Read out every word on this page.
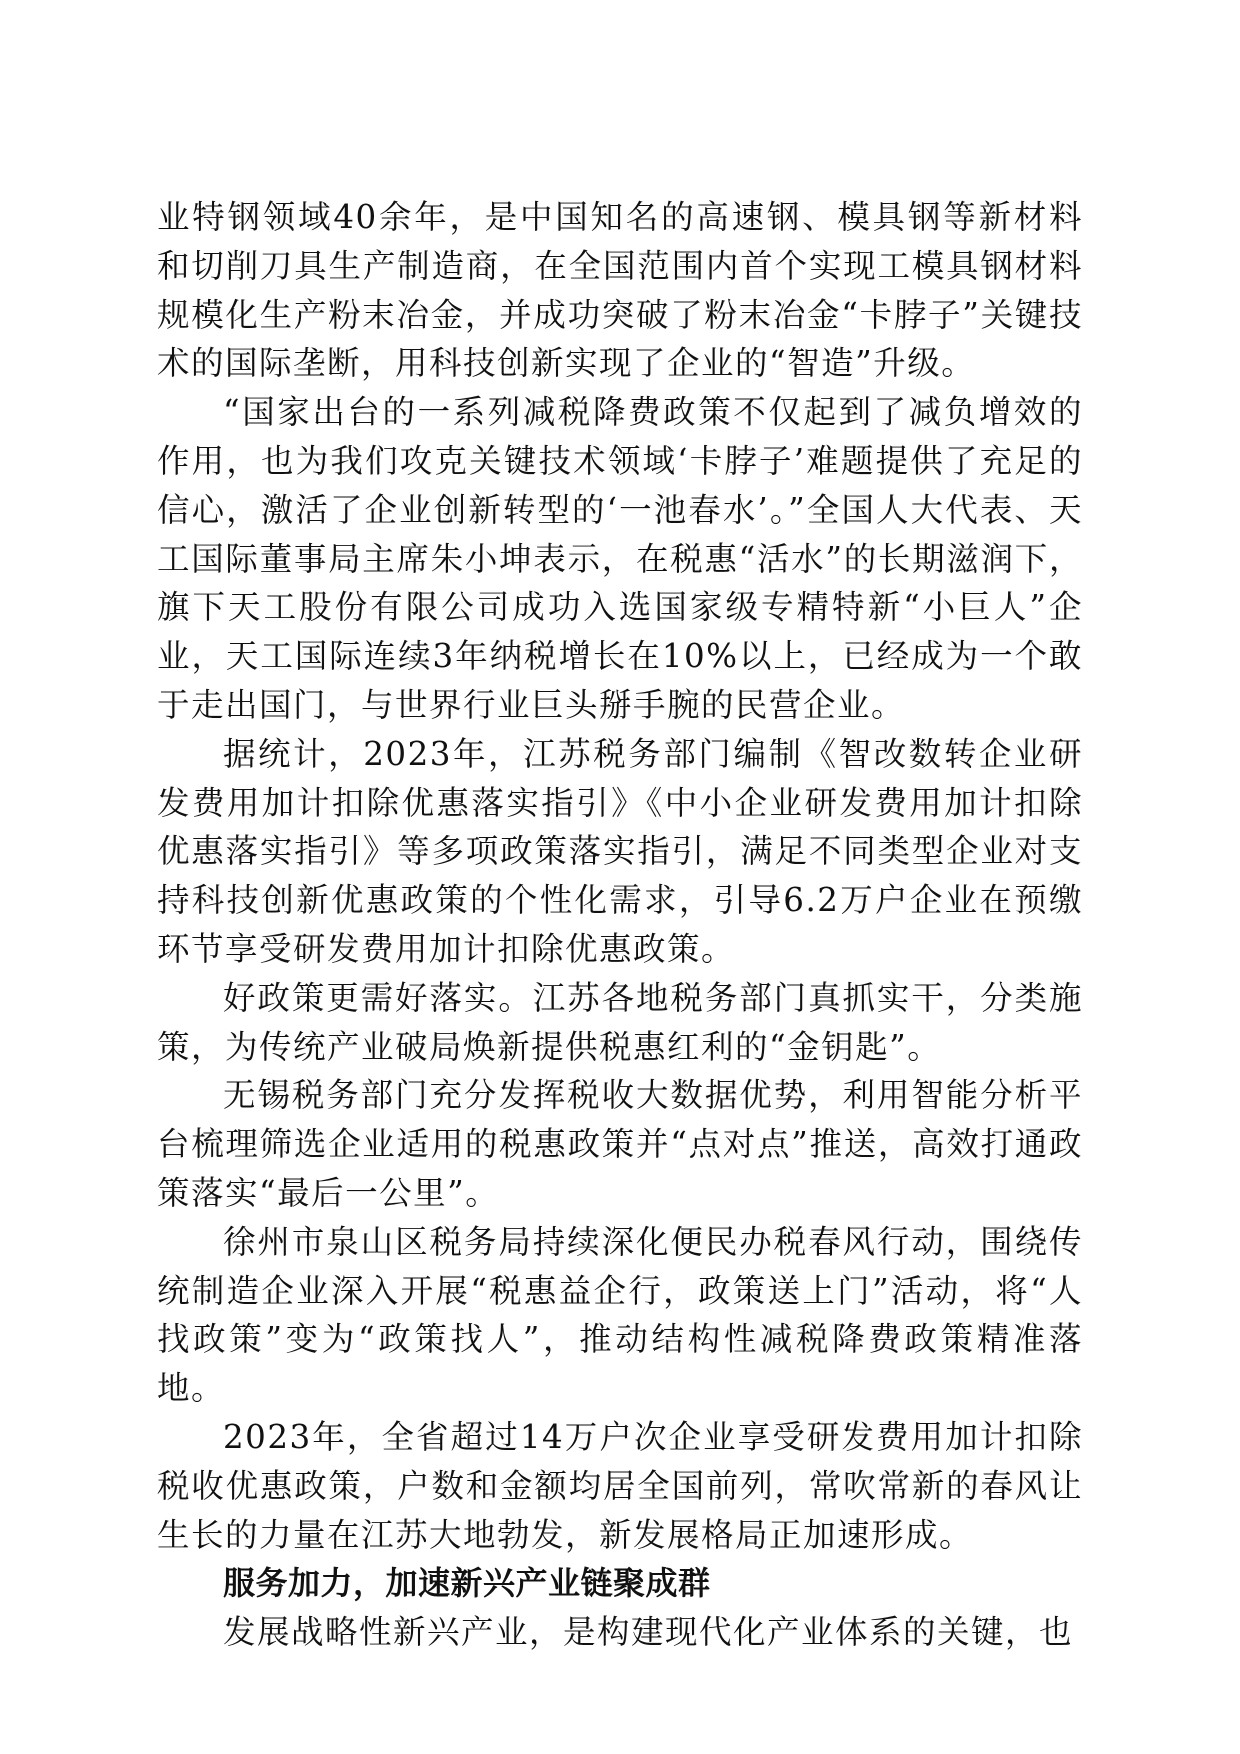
业特钢领域40余年，是中国知名的高速钢、模具钢等新材料和切削刀具生产制造商，在全国范围内首个实现工模具钢材料规模化生产粉末冶金，并成功突破了粉末冶金“卡脖子”关键技术的国际垄断，用科技创新实现了企业的“智造”升级。

“国家出台的一系列减税降费政策不仅起到了减负增效的作用，也为我们攻克关键技术领域‘卡脖子’难题提供了充足的信心，激活了企业创新转型的‘一池春水’。”全国人大代表、天工国际董事局主席朱小坤表示，在税惠“活水”的长期滋润下，旗下天工股份有限公司成功入选国家级专精特新“小巨人”企业，天工国际连续3年纳税增长在10%以上，已经成为一个敢于走出国门，与世界行业巨头掰手腕的民营企业。

据统计，2023年，江苏税务部门编制《智改数转企业研发费用加计扣除优惠落实指引》《中小企业研发费用加计扣除优惠落实指引》等多项政策落实指引，满足不同类型企业对支持科技创新优惠政策的个性化需求，引导6.2万户企业在预缴环节享受研发费用加计扣除优惠政策。

好政策更需好落实。江苏各地税务部门真抓实干，分类施策，为传统产业破局焕新提供税惠红利的“金钥匙”。

无锡税务部门充分发挥税收大数据优势，利用智能分析平台梳理筛选企业适用的税惠政策并“点对点”推送，高效打通政策落实“最后一公里”。

徐州市泉山区税务局持续深化便民办税春风行动，围绕传统制造企业深入开展“税惠益企行，政策送上门”活动，将“人找政策”变为“政策找人”，推动结构性减税降费政策精准落地。

2023年，全省超过14万户次企业享受研发费用加计扣除税收优惠政策，户数和金额均居全国前列，常吹常新的春风让生长的力量在江苏大地勃发，新发展格局正加速形成。

服务加力，加速新兴产业链聚成群

发展战略性新兴产业，是构建现代化产业体系的关键，也
